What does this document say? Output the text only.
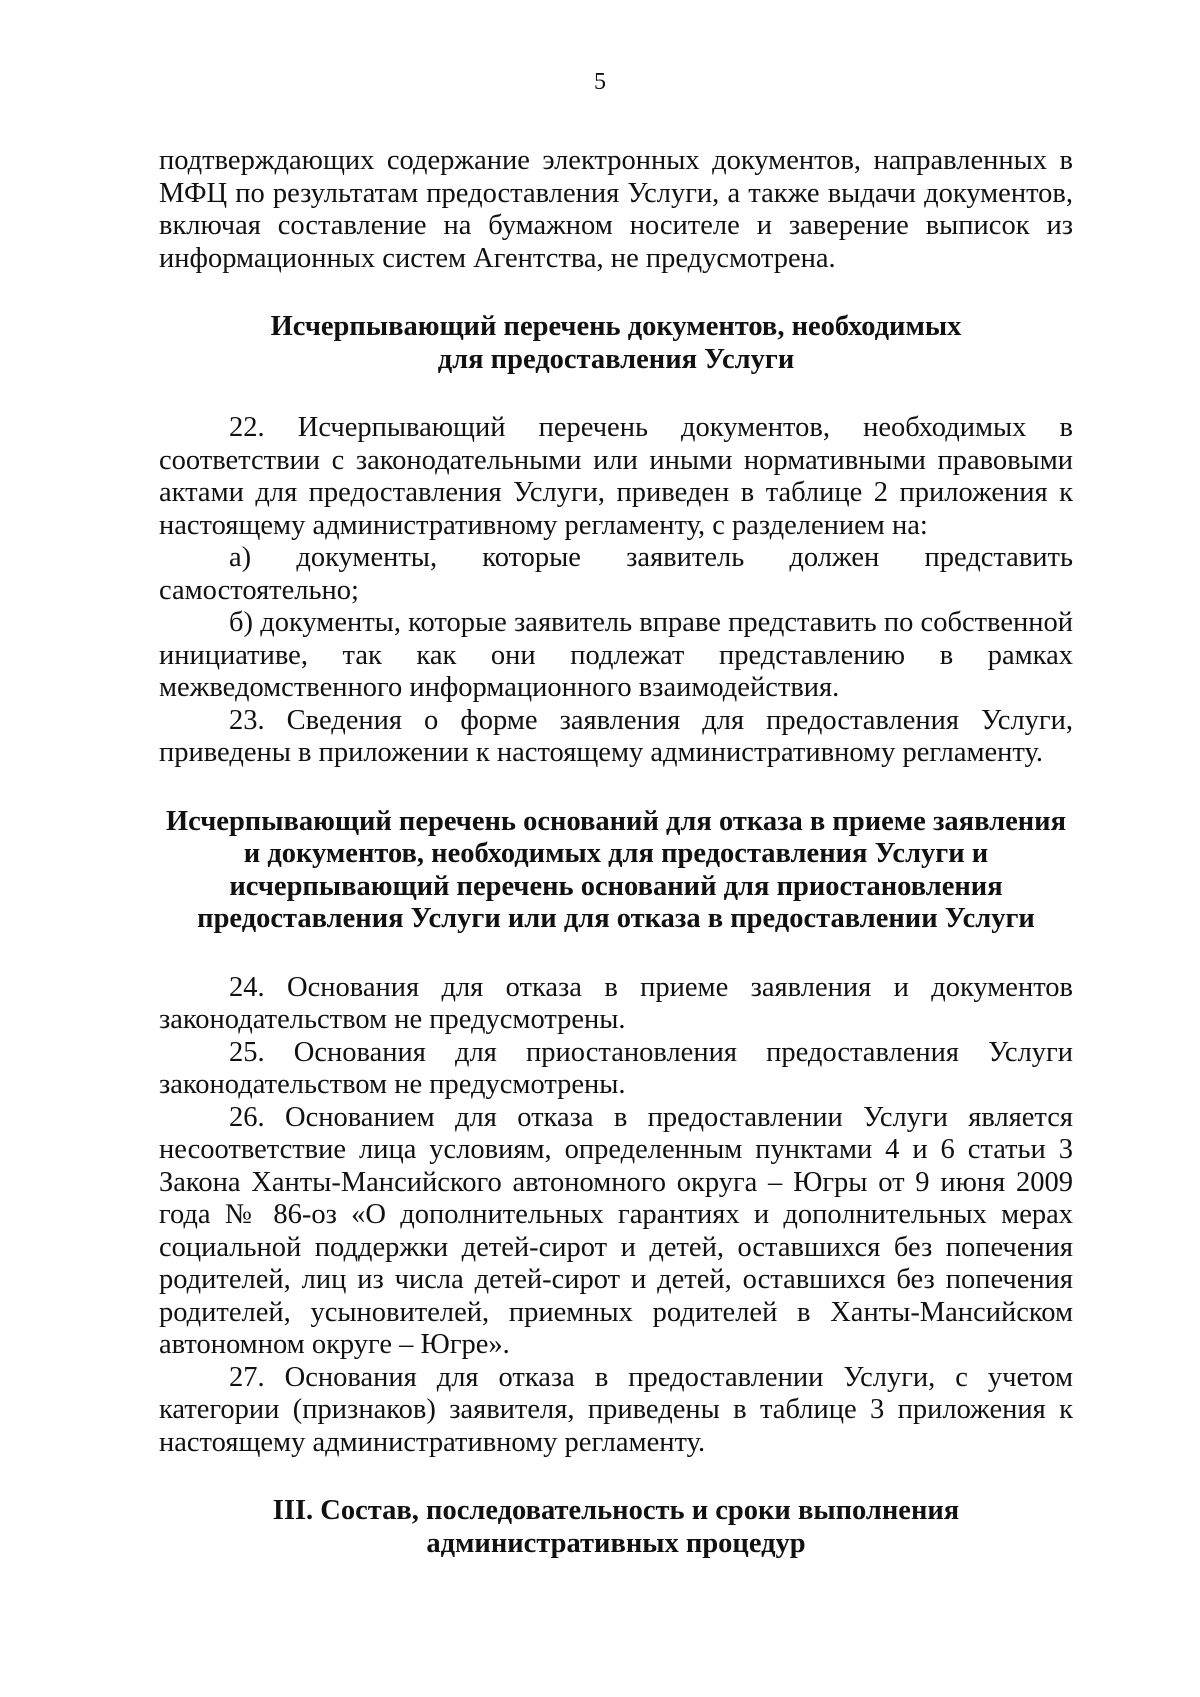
5

подтверждающих содержание электронных документов, направленных в МФЦ по результатам предоставления Услуги, а также выдачи документов, включая составление на бумажном носителе и заверение выписок из информационных систем Агентства, не предусмотрена.

Исчерпывающий перечень документов, необходимых
для предоставления Услуги

22. Исчерпывающий перечень документов, необходимых в соответствии с законодательными или иными нормативными правовыми актами для предоставления Услуги, приведен в таблице 2 приложения к настоящему административному регламенту, с разделением на:

а) документы, которые заявитель должен представить самостоятельно;

б) документы, которые заявитель вправе представить по собственной инициативе, так как они подлежат представлению в рамках межведомственного информационного взаимодействия.

23. Сведения о форме заявления для предоставления Услуги, приведены в приложении к настоящему административному регламенту.

Исчерпывающий перечень оснований для отказа в приеме заявления
и документов, необходимых для предоставления Услуги и
исчерпывающий перечень оснований для приостановления
предоставления Услуги или для отказа в предоставлении Услуги

24. Основания для отказа в приеме заявления и документов законодательством не предусмотрены.

25. Основания для приостановления предоставления Услуги законодательством не предусмотрены.

26. Основанием для отказа в предоставлении Услуги является несоответствие лица условиям, определенным пунктами 4 и 6 статьи 3 Закона Ханты-Мансийского автономного округа – Югры от 9 июня 2009 года № 86-оз «О дополнительных гарантиях и дополнительных мерах социальной поддержки детей-сирот и детей, оставшихся без попечения родителей, лиц из числа детей-сирот и детей, оставшихся без попечения родителей, усыновителей, приемных родителей в Ханты-Мансийском автономном округе – Югре».

27. Основания для отказа в предоставлении Услуги, с учетом категории (признаков) заявителя, приведены в таблице 3 приложения к настоящему административному регламенту.

III. Состав, последовательность и сроки выполнения
административных процедур
